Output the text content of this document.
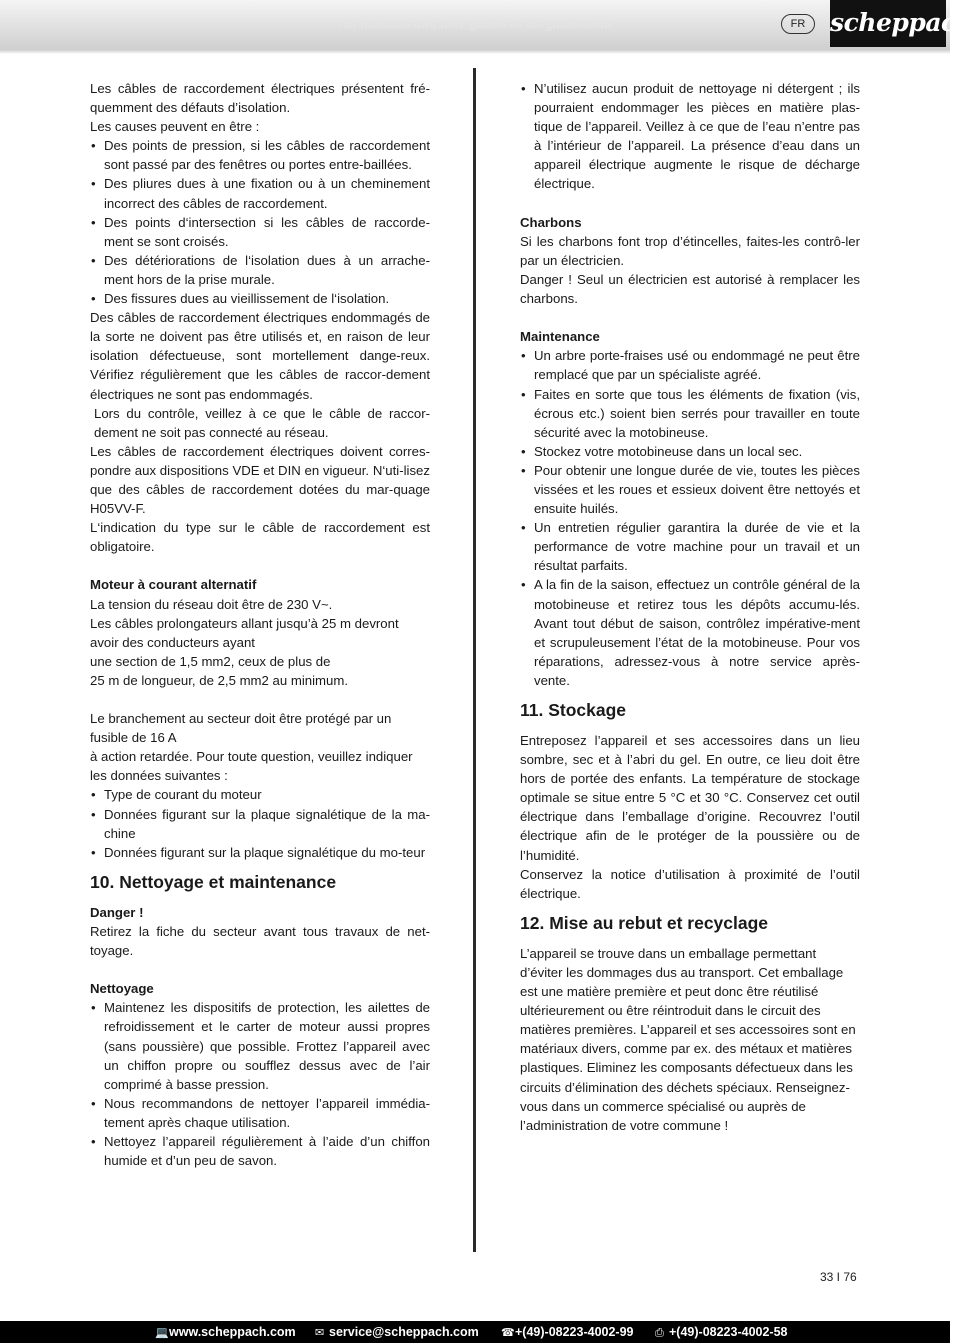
All manuals and user guides at all-guides.com	FR scheppach

Les câbles de raccordement électriques présentent fré-quemment des défauts d’isolation.

Les causes peuvent en être :

• Des points de pression, si les câbles de raccordement sont passé par des fenêtres ou portes entre-baillées.
• Des pliures dues à une fixation ou à un cheminement incorrect des câbles de raccordement.
• Des points d‘intersection si les câbles de raccorde-ment se sont croisés.
• Des détériorations de l‘isolation dues à un arrache-ment hors de la prise murale.
• Des fissures dues au vieillissement de l‘isolation.

Des câbles de raccordement électriques endommagés de la sorte ne doivent pas être utilisés et, en raison de leur isolation défectueuse, sont mortellement dange-reux. Vérifiez régulièrement que les câbles de raccor-dement électriques ne sont pas endommagés.

Lors du contrôle, veillez à ce que le câble de raccor-dement ne soit pas connecté au réseau.

Les câbles de raccordement électriques doivent corres-pondre aux dispositions VDE et DIN en vigueur. N‘uti-lisez que des câbles de raccordement dotées du mar-quage H05VV-F.

L‘indication du type sur le câble de raccordement est obligatoire.

Moteur à courant alternatif

La tension du réseau doit être de 230 V~.

Les câbles prolongateurs allant jusqu’à 25 m devront avoir des conducteurs ayant

une section de 1,5 mm2, ceux de plus de

25 m de longueur, de 2,5 mm2 au minimum.

Le branchement au secteur doit être protégé par un fusible de 16 A

à action retardée. Pour toute question, veuillez indiquer les données suivantes :

• Type de courant du moteur
• Données figurant sur la plaque signalétique de la ma-chine
• Données figurant sur la plaque signalétique du mo-teur
10. Nettoyage et maintenance

Danger !

Retirez la fiche du secteur avant tous travaux de net-toyage.

Nettoyage

• Maintenez les dispositifs de protection, les ailettes de refroidissement et le carter de moteur aussi propres (sans poussière) que possible. Frottez l’appareil avec un chiffon propre ou soufflez dessus avec de l’air comprimé à basse pression.
• Nous recommandons de nettoyer l’appareil immédia-tement après chaque utilisation.
• Nettoyez l’appareil régulièrement à l’aide d’un chiffon humide et d’un peu de savon.
• N’utilisez aucun produit de nettoyage ni détergent ; ils pourraient endommager les pièces en matière plas-tique de l’appareil. Veillez à ce que de l’eau n’entre pas à l’intérieur de l’appareil. La présence d’eau dans un appareil électrique augmente le risque de décharge électrique.

Charbons

Si les charbons font trop d’étincelles, faites-les contrô-ler par un électricien.

Danger ! Seul un électricien est autorisé à remplacer les charbons.

Maintenance

• Un arbre porte-fraises usé ou endommagé ne peut être remplacé que par un spécialiste agréé.
• Faites en sorte que tous les éléments de fixation (vis, écrous etc.) soient bien serrés pour travailler en toute sécurité avec la motobineuse.
• Stockez votre motobineuse dans un local sec.
• Pour obtenir une longue durée de vie, toutes les pièces vissées et les roues et essieux doivent être nettoyés et ensuite huilés.
• Un entretien régulier garantira la durée de vie et la performance de votre machine pour un travail et un résultat parfaits.
• A la fin de la saison, effectuez un contrôle général de la motobineuse et retirez tous les dépôts accumu-lés. Avant tout début de saison, contrôlez impérative-ment et scrupuleusement l’état de la motobineuse. Pour vos réparations, adressez-vous à notre service après-vente.
11. Stockage

Entreposez l’appareil et ses accessoires dans un lieu sombre, sec et à l’abri du gel. En outre, ce lieu doit être hors de portée des enfants. La température de stockage optimale se situe entre 5 °C et 30 °C. Conservez cet outil électrique dans l’emballage d’origine. Recouvrez l’outil électrique afin de le protéger de la poussière ou de l’humidité.

Conservez la notice d’utilisation à proximité de l’outil électrique.

12. Mise au rebut et recyclage

L’appareil se trouve dans un emballage permettant d’éviter les dommages dus au transport. Cet emballage est une matière première et peut donc être réutilisé ultérieurement ou être réintroduit dans le circuit des matières premières. L’appareil et ses accessoires sont en matériaux divers, comme par ex. des métaux et matières plastiques. Eliminez les composants défectueux dans les circuits d’élimination des déchets spéciaux. Renseignez-vous dans un commerce spécialisé ou auprès de l’administration de votre commune !

33 I 76
💻www.scheppach.com ✉ service@scheppach.com ☎+(49)-08223-4002-99 ⎙ +(49)-08223-4002-58
